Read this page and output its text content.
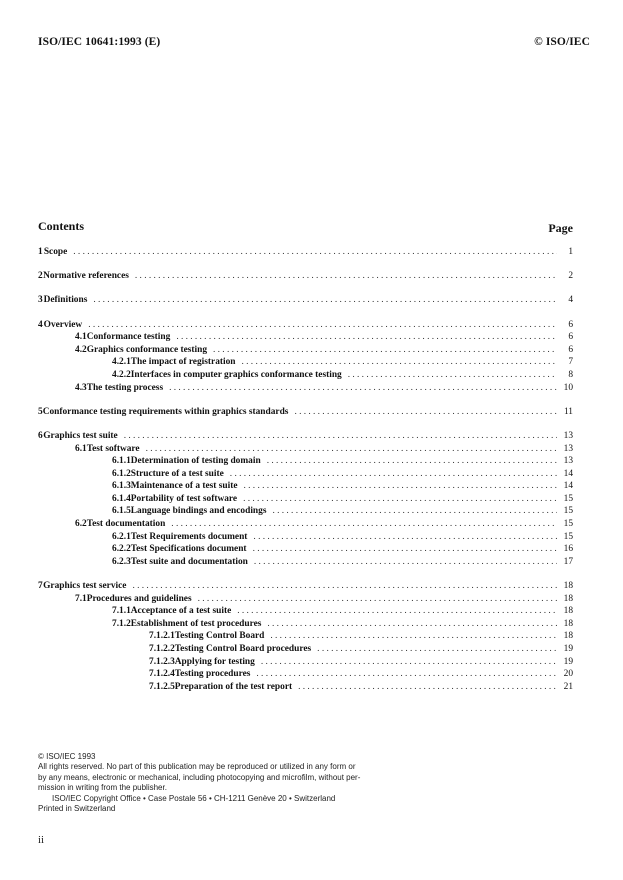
ISO/IEC 10641:1993 (E)	© ISO/IEC
Contents	Page
1 Scope .....	1
2 Normative references .....	2
3 Definitions .....	4
4 Overview .....	6
4.1 Conformance testing .....	6
4.2 Graphics conformance testing .....	6
4.2.1 The impact of registration .....	7
4.2.2 Interfaces in computer graphics conformance testing .....	8
4.3 The testing process .....	10
5 Conformance testing requirements within graphics standards .....	11
6 Graphics test suite .....	13
6.1 Test software .....	13
6.1.1 Determination of testing domain .....	13
6.1.2 Structure of a test suite .....	14
6.1.3 Maintenance of a test suite .....	14
6.1.4 Portability of test software .....	15
6.1.5 Language bindings and encodings .....	15
6.2 Test documentation .....	15
6.2.1 Test Requirements document .....	15
6.2.2 Test Specifications document .....	16
6.2.3 Test suite and documentation .....	17
7 Graphics test service .....	18
7.1 Procedures and guidelines .....	18
7.1.1 Acceptance of a test suite .....	18
7.1.2 Establishment of test procedures .....	18
7.1.2.1 Testing Control Board .....	18
7.1.2.2 Testing Control Board procedures .....	19
7.1.2.3 Applying for testing .....	19
7.1.2.4 Testing procedures .....	20
7.1.2.5 Preparation of the test report .....	21
© ISO/IEC 1993
All rights reserved. No part of this publication may be reproduced or utilized in any form or
by any means, electronic or mechanical, including photocopying and microfilm, without per-
mission in writing from the publisher.
ISO/IEC Copyright Office • Case Postale 56 • CH-1211 Genève 20 • Switzerland
Printed in Switzerland
ii
